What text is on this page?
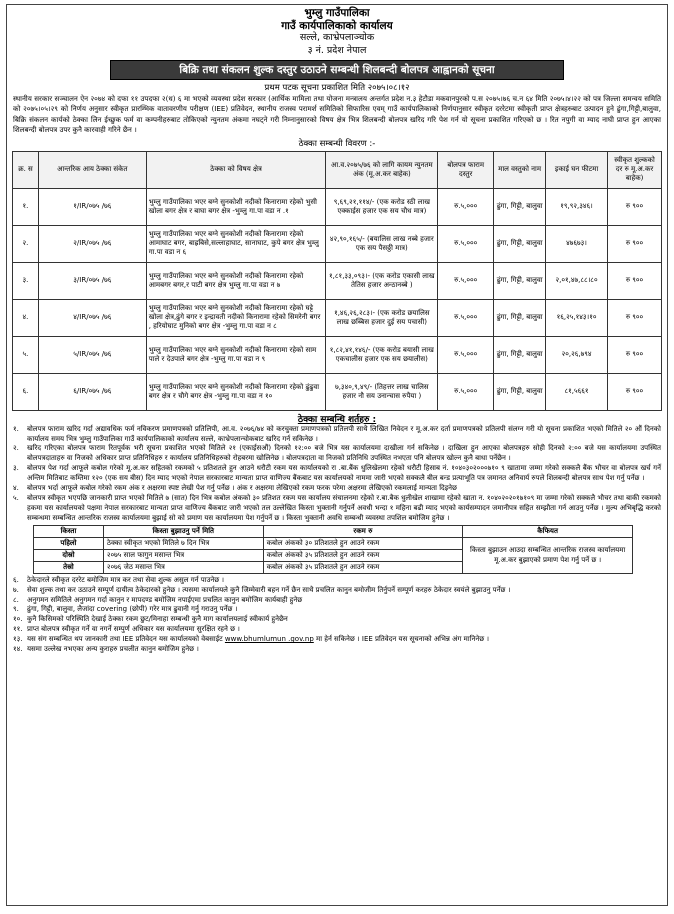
भुम्लु गाउँपालिका
गाउँ कार्यपालिकाको कार्यालय
सल्ले, काभ्रेपलाञ्चोक
३ नं. प्रदेश नेपाल
बिक्रि तथा संकलन शुल्क दस्तुर उठाउने सम्बन्धी शिलबन्दी बोलपत्र आह्वानको सूचना
प्रथम पटक सूचना प्रकाशित मिति २०७५।०८।१२
स्थानीय सरकार सञ्चालन ऐन २०७४ को दफा ११ उपदफा २(ध) ६ मा भएको व्यवस्था प्रदेश सरकार (आर्थिक मामिला तथा योजना मन्त्रालय अन्तर्गत प्रदेश न.३ हेटौडा मकवानपुरको प.स २०७५।७६ च.न ६४ मिति २०७५।४।२२ को पत्र जिल्ला समन्वय समिति को २०७५।०५।२९ को निर्णय अनुसार स्वीकृत प्रारम्भिक वातावरणीय परीक्षण (IEE) प्रतिवेदन, स्थानीय राजस्व परामर्श समितिको सिफारिस एवम् गाउँ कार्यपालिकाको निर्णयानुसार स्वीकृत दररेटमा स्वीकृती प्राप्त क्षेत्रहरुबाट उत्पादन हुने ढुंगा,गिट्टी,बालुवा, बिक्रि संकलन कार्यको ठेक्का लिन ईच्छुक फर्म वा कम्पनीहरुबाट तोकिएको न्युनतम अंकमा नघट्ने गरी निम्नानुसारको विषय क्षेत्र भित्र शिलबन्दी बोलपत्र खरिद गरि पेश गर्न यो सूचना प्रकाशित गरिएको छ । रित नपुगी वा म्याद नाघी प्राप्त हुन आएका शिलबन्दी बोलपत्र उपर कुनै कारवाही गरिने छैन ।
ठेक्का सम्बन्धी विवरण :-
क्र. स	आन्तरिक आय ठेक्का संकेत	ठेक्का को विषय क्षेत्र	आ.व.२०७५/७६ को लागि कायम न्युनतम अंक (मू.अ.कर बाहेक)	बोलपत्र फाराम दस्तुर	माल वस्तुको नाम	इकाई घन फीटमा	स्वीकृत शुल्कको दर रु मू.अ.कर बाहेक)
१.	१/IR/०७५ /७६	भुम्लु गाउँपालिका भएर बग्ने सुनकोशी नदीको किनारामा रहेको भुसी खोला बगर क्षेत्र र बाघा बगर क्षेत्र -भुम्लु गा.पा वडा न .१	९,६९,२१,११४/- (एक करोड स्ठी लाख एक्काईस हजार एक सय चौध मात्र)	रु.५,०००	ढुंगा, गिट्टी, बालुवा	१९,९२,३४६।	रु ९००
२.	२/IR/०७५ /७६	भुम्लु गाउँपालिका भएर बग्ने सुनकोशी नदीको किनारामा रहेको आमाघाट बगर, बाह्रबिसे,सल्लाहाघाट, सानाघाट, कुपे बगर क्षेत्र भुम्लु गा.पा वडा न ६	४२,९०,१६५/- (बयालिस लाख नब्बे हजार एक सय पैसठ्ठी मात्र)	रु.५,०००	ढुंगा, गिट्टी, बालुवा	४७६७३।	रु ९००
३.	३/IR/०७५ /७६	भुम्लु गाउँपालिका भएर बग्ने सुनकोशी नदीको किनारामा रहेको आमबगर बगर,र पाटी बगर क्षेत्र भुम्लु गा.पा वडा न ७	१,८१,३३,०९३।- (एक करोड एकासी लाख तेतिस हजार अन्ठानब्बे )	रु.५,०००	ढुंगा, गिट्टी, बालुवा	२,०१,४७,८८।८०	रु ९००
४.	४/IR/०७५ /७६	भुम्लु गाउँपालिका भएर बग्ने सुनकोशी नदीको किनारामा रहेको घट्टे खोला क्षेत्र,ढुंगे बगर र इन्द्रावती नदीको किनारामा रहेको सिमरेनी बगर , हरियोघाट मुनिको बगर क्षेत्र -भुम्लु गा.पा वडा न ८	१,४६,२६,२८३।- (एक करोड छयालिस लाख छब्बिस हजार दुई सय पचासी)	रु.५,०००	ढुंगा, गिट्टी, बालुवा	१६,२५,१४३।१०	रु ९००
५.	५/IR/०७५ /७६	भुम्लु गाउँपालिका भएर बग्ने सुनकोशी नदीको किनारामा रहेको साम पाले र देउपाले बगर क्षेत्र -भुम्लु गा.पा वडा न ९	१,८२,४१,१४६/- (एक करोड बयासी लाख एकचालीस हजार एक सय छयालीस)	रु.५,०००	ढुंगा, गिट्टी, बालुवा	२०,२६,७९४	रु ९००
६.	६/IR/०७५ /७६	भुम्लु गाउँपालिका भएर बग्ने सुनकोशी नदीको किनारामा रहेको ढुंढुवा बगर क्षेत्र र चौगे बगर क्षेत्र -भुम्लु गा.पा वडा न १०	७,३४०,९,४९/- (तिहत्तर लाख चालिस हजार नौ सय उनान्चास रुपैया )	रु.५,०००	ढुंगा, गिट्टी, बालुवा	८१,५६६१	रु ९००
ठेक्का सम्बन्धि शर्तहरु :
१.	बोलपत्र फाराम खरिद गर्दा अद्यावधिक फर्म नविकरण प्रमाणपत्रको प्रतिलिपी, आ.व. २०७६/७४ को करचुक्ता प्रमाणपत्रको प्रतिलपी साथै लिखित निवेदन र मू.अ.कर दर्ता प्रमाणपत्रको प्रतिलपी संलग्न गरी यो सूचना प्रकाशित भएको मितिले २० औं दिनको कार्यालय समय भित्र भुम्लु गाउँपालिका गाउँ कार्यपालिकाको कार्यालय सल्ले, काभ्रेपलान्चोकबाट खरिद गर्न सकिनेछ ।
२.	खरिद गरिएका बोलपत्र फाराम रितपूर्वक भरी सूचना प्रकाशित भएको मितिले २१ (एकाईसऔं) दिनको १२:०० बजे भित्र यस कार्यालयमा दाखीला गर्न सकिनेछ । दाखिला हुन आएका बोलपत्रहरु सोही दिनको २:०० बजे यस कार्यालयमा उपस्थित बोलपत्रदाताहरु वा निजको अधिकार प्राप्त प्रतिनिधिहरु र कार्यालय प्रतिनिधिहरुको रोहबरमा खोलिनेछ । बोलपत्रदाता वा निजको प्रतिनिधि उपस्थित नभएता पनि बोलपत्र खोल्न कुनै बाधा पर्नेछैन ।
३.	बोलपत्र पेश गर्दा आफूले कबोल गरेको मू.अ.कर सहितको रकमको ५ प्रतिशतले हुन आउने धरौटी रकम यस कार्यालयको रा .बा.बैंक धुलिखेलमा रहेको धरौटी हिसाब नं. १०४०३०२०००७१० ९ खातामा जम्मा गरेको सक्कलै बैंक भौचर वा बोलपत्र खर्च गर्ने अन्तिम मितिबाट कम्तिमा १२० (एक सय बीस) दिन म्याद भएको नेपाल सरकारबाट मान्यता प्राप्त वाणिज्य बैंकबाट यस कार्यालयको नाममा जारी भएको सक्कलै बील बन्ड प्रत्याभूति पत्र जमानत अनिवार्य रुपले शिलबन्दी बोलपत्र साथ पेश गर्नु पर्नेछ ।
४.	बोलपत्र भर्दा आफूले कबोल गरेको रकम अंक र अक्षरमा स्पष्ट लेखी पेश गर्नु पर्नेछ । अंक र अक्षरमा लेखिएको रकम फरक परेमा अक्षरमा लेखिएको रकमलाई मान्यता दिइनेछ
५.	बोलपत्र स्वीकृत भएपछि जानकारी प्राप्त भएको मितिले ७ (सात) दिन भित्र कबोल अंकको ३० प्रतिशत रकम यस कार्यालय संचालनमा रहेको र.बा.बैक धुलीखेल शाखामा रहेको खाता न. १०४०२०२०१७१०९ मा जम्मा गरेको सक्कलै भौचर तथा बाकी रकमको हकमा यस कार्यालयको पक्षमा नेपाल सरकारबाट मान्यता प्राप्त वाणिज्य बैंकबाट जारी भएको तल उल्लेखित किस्ता भुक्तानी गर्नुपर्ने अवधी भन्दा १ महिना बढी म्याद भएको कार्यसम्पादन जमानीपत्र सहित सम्झौता गर्न आउनु पर्नेछ । मुल्य अभिबृद्धि करको सम्बन्धमा सम्बन्धित आन्तरिक राजस्व कार्यालयमा बुझाई सो को प्रमाण यस कार्यालयमा पेश गर्नुपर्ने छ । किस्ता भुक्तानी अवधि सम्बन्धी व्यवस्था तपशिल बमोजिम हुनेछ ।
किस्ता	किस्ता बुझाउनु पर्ने मिति	रकम रु	कैफियत
पहिलो	ठेक्का स्वीकृत भएको मितिले ७ दिन भित्र	कबोल अंकको ३० प्रतिशतले हुन आउने रकम	किस्ता बुझाउन आउदा सम्बन्धित आन्तरिक राजस्व कार्यालयमा मू.अ.कर बुझाएको प्रमाण पेश गर्नु पर्ने छ ।
दोस्रो	२०७५ साल फागुन मसान्त भित्र	कबोल अंकको ३५ प्रतिशतले हुन आउने रकम	
तेस्रो	२०७६ जेठ मसान्त भित्र	कबोल अंकको ३५ प्रतिशतले हुन आउने रकम	
६.	ठेकेदारले स्वीकृत दररेट बमोजिम मात्र कर तथा सेवा शुल्क असुल गर्न पाउनेछ ।
७.	सेवा शुल्क तथा कर उठाउने सम्पूर्ण दायीत्व ठेकेदारको हुनेछ । त्यसमा कार्यालयले कुनै जिम्मेवारी बहन गर्ने छैन साथै प्रचलित कानुन बमोजीम तिर्नुपर्ने सम्पूर्ण करहरु ठेकेदार स्वयंले बुझाउनु पर्नेछ ।
८.	अनुगमन समितिले अनुगमन गर्दा कानुन र मापदण्ड बमोजिम नपाईएमा प्रचलित कानुन बमोजिम कार्यबाही हुनेछ
९.	ढुंगा, गिट्टी, बालुवा, लैजांदा covering (छोपी) गरेर मात्र ढुवानी गर्नु गराउनु पर्नेछ ।
१०. कुनै किसिमको परिस्थिति देखाई ठेक्का रकम छुट/मिनाहा सम्बन्धी कुनै माग कार्यालयलाई स्वीकार्य हुनेछैन
११. प्राप्त बोलपत्र स्वीकृत गर्ने वा नगर्ने सम्पुर्ण अधिकार यस कार्यालयमा सुरक्षित रहने छ ।
१३. यस संग सम्बन्धित थप जानकारी तथा IEE प्रतिवेदन यस कार्यालयको वेबसाईट www.bhumlumun .gov.np मा हेर्न सकिनेछ । IEE प्रतिवेदन यस सूचनाको अभिन्न अंग मानिनेछ ।
१४. यसमा उल्लेख नभएका अन्य कुराहरु प्रचलीत कानुन बमोजिम हुनेछ ।
